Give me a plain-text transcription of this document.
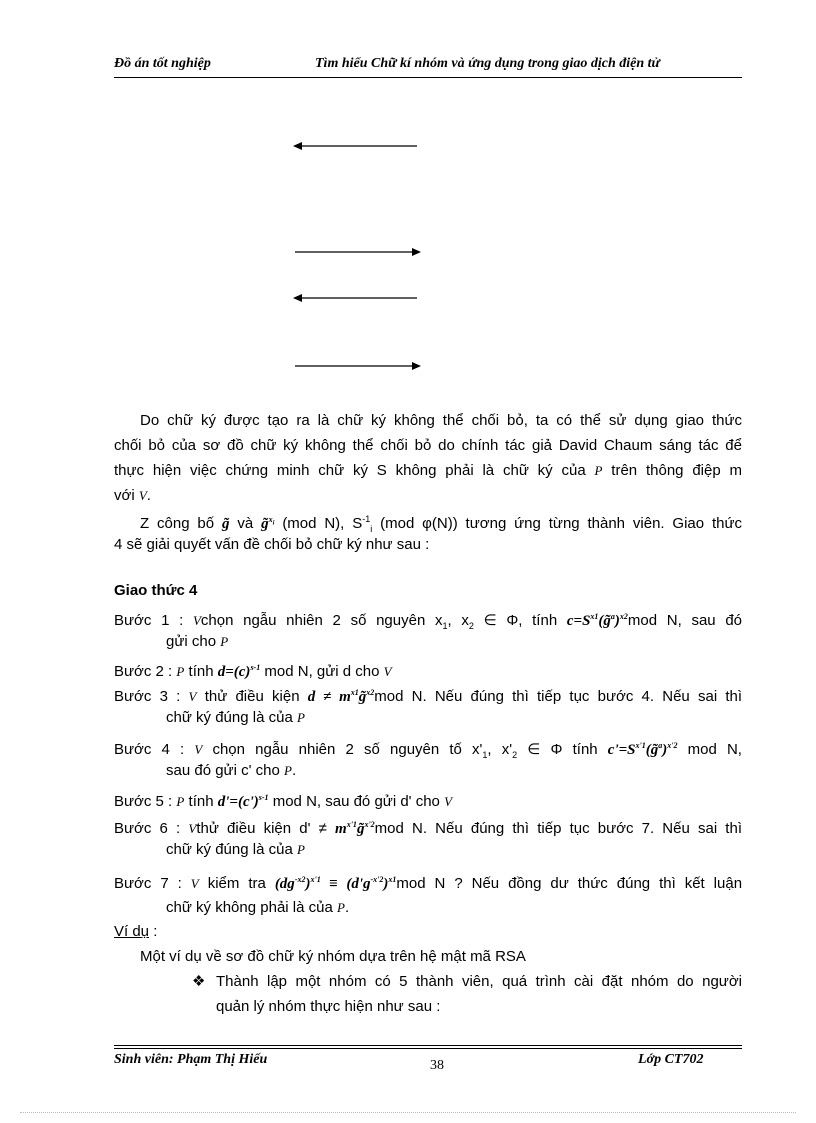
Đồ án tốt nghiệp	Tìm hiểu Chữ kí nhóm và ứng dụng trong giao dịch điện tử
Do chữ ký được tạo ra là chữ ký không thể chối bỏ, ta có thể sử dụng giao thức
chối bỏ của sơ đồ chữ ký không thể chối bỏ do chính tác giả David Chaum sáng tác để
thực hiện việc chứng minh chữ ký S không phải là chữ ký của P trên thông điệp m
với V.
Z công bố g̃ và g̃$^{x_i}$ (mod N), $S^{-1}_i$ (mod φ(N)) tương ứng từng thành viên. Giao thức
4 sẽ giải quyết vấn đề chối bỏ chữ ký như sau :
Giao thức 4
Bước 1 : Vchọn ngẫu nhiên 2 số nguyên $x_1$, $x_2$ ∈ Φ, tính $c=S^{x1}(g̃^a)^{x2}mod$ N, sau đó
gửi cho P
Bước 2 : P tính $d=(c)^{s-1}$ mod N, gửi d cho V
Bước 3 : V thử điều kiện $d \ne m^{x1}g̃^{x2}mod$ N. Nếu đúng thì tiếp tục bước 4. Nếu sai thì
chữ ký đúng là của P
Bước 4 : V chọn ngẫu nhiên 2 số nguyên tố $x'_1$, $x'_2$ ∈ Φ tính $c'=S^{x'1}(g̃^a)^{x'2}$ mod N,
sau đó gửi c' cho P.
Bước 5 : P tính $d'=(c')^{s-1}$ mod N, sau đó gửi d' cho V
Bước 6 : Vthử điều kiện $d' \ne m^{x'1}g̃^{x'2}mod$ N. Nếu đúng thì tiếp tục bước 7. Nếu sai thì
chữ ký đúng là của P
Bước 7 : V kiểm tra $(dg^{-x2})^{x'1} \equiv (d'g^{-x'2})^{x1}mod$ N ? Nếu đồng dư thức đúng thì kết luận
chữ ký không phải là của P.
Ví dụ :
Một ví dụ về sơ đồ chữ ký nhóm dựa trên hệ mật mã RSA
❖ Thành lập một nhóm có 5 thành viên, quá trình cài đặt nhóm do người
quản lý nhóm thực hiện như sau :
Sinh viên: Phạm Thị Hiếu	38	Lớp CT702
